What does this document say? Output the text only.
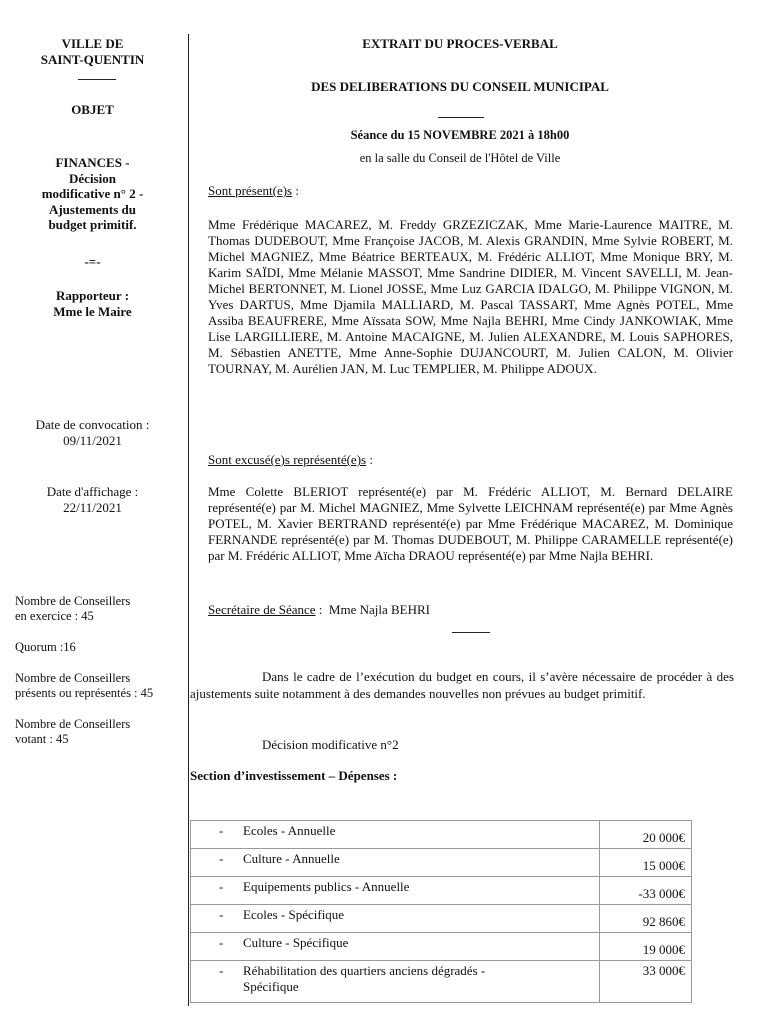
VILLE DE
SAINT-QUENTIN
OBJET
FINANCES -
Décision
modificative n° 2 -
Ajustements du
budget primitif.
-=-
Rapporteur :
Mme le Maire
Date de convocation :
09/11/2021
Date d'affichage :
22/11/2021
Nombre de Conseillers
en exercice : 45
Quorum :16
Nombre de Conseillers
présents ou représentés : 45
Nombre de Conseillers
votant : 45
EXTRAIT DU PROCES-VERBAL
DES DELIBERATIONS DU CONSEIL MUNICIPAL
Séance du 15 NOVEMBRE 2021 à 18h00
en la salle du Conseil de l'Hôtel de Ville
Sont présent(e)s :
Mme Frédérique MACAREZ, M. Freddy GRZEZICZAK, Mme Marie-Laurence MAITRE, M. Thomas DUDEBOUT, Mme Françoise JACOB, M. Alexis GRANDIN, Mme Sylvie ROBERT, M. Michel MAGNIEZ, Mme Béatrice BERTEAUX, M. Frédéric ALLIOT, Mme Monique BRY, M. Karim SAÏDI, Mme Mélanie MASSOT, Mme Sandrine DIDIER, M. Vincent SAVELLI, M. Jean-Michel BERTONNET, M. Lionel JOSSE, Mme Luz GARCIA IDALGO, M. Philippe VIGNON, M. Yves DARTUS, Mme Djamila MALLIARD, M. Pascal TASSART, Mme Agnès POTEL, Mme Assiba BEAUFRERE, Mme Aïssata SOW, Mme Najla BEHRI, Mme Cindy JANKOWIAK, Mme Lise LARGILLIERE, M. Antoine MACAIGNE, M. Julien ALEXANDRE, M. Louis SAPHORES, M. Sébastien ANETTE, Mme Anne-Sophie DUJANCOURT, M. Julien CALON, M. Olivier TOURNAY, M. Aurélien JAN, M. Luc TEMPLIER, M. Philippe ADOUX.
Sont excusé(e)s représenté(e)s :
Mme Colette BLERIOT représenté(e) par M. Frédéric ALLIOT, M. Bernard DELAIRE représenté(e) par M. Michel MAGNIEZ, Mme Sylvette LEICHNAM représenté(e) par Mme Agnès POTEL, M. Xavier BERTRAND représenté(e) par Mme Frédérique MACAREZ, M. Dominique FERNANDE représenté(e) par M. Thomas DUDEBOUT, M. Philippe CARAMELLE représenté(e) par M. Frédéric ALLIOT, Mme Aïcha DRAOU représenté(e) par Mme Najla BEHRI.
Secrétaire de Séance :  Mme Najla BEHRI
Dans le cadre de l’exécution du budget en cours, il s’avère nécessaire de procéder à des ajustements suite notamment à des demandes nouvelles non prévues au budget primitif.
Décision modificative n°2
Section d’investissement – Dépenses :
- Ecoles - Annuelle	20 000€
- Culture - Annuelle	15 000€
- Equipements publics - Annuelle	-33 000€
- Ecoles - Spécifique	92 860€
- Culture - Spécifique	19 000€

- Réhabilitation des quartiers anciens dégradés - Spécifique	33 000€
